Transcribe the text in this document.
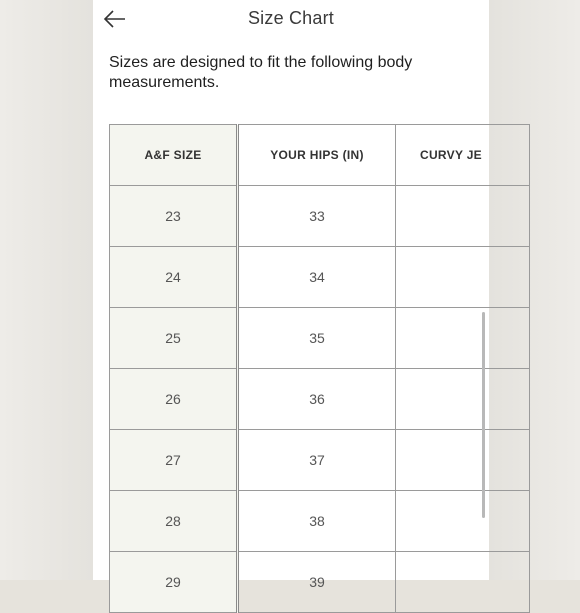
Size Chart
Sizes are designed to fit the following body measurements.
A&F SIZE	YOUR HIPS (IN)	CURVY JE
23	33	
24	34	
25	35	
26	36	
27	37	
28	38	
29	39	
